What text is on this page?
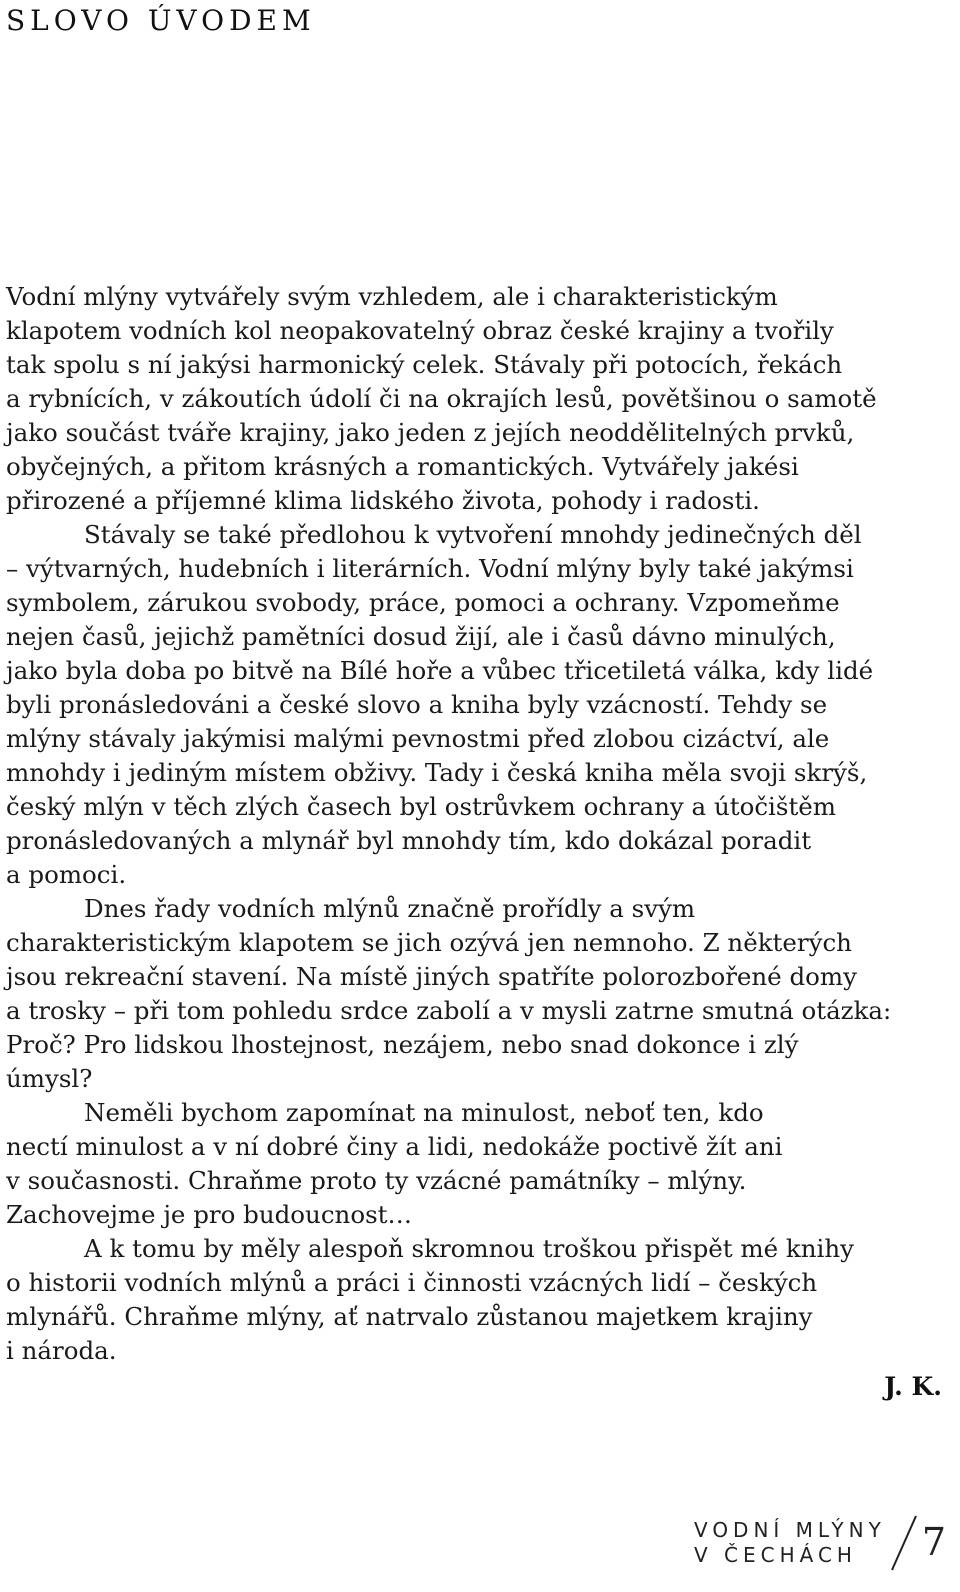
SLOVO ÚVODEM
Vodní mlýny vytvářely svým vzhledem, ale i charakteristickým
klapotem vodních kol neopakovatelný obraz české krajiny a tvořily
tak spolu s ní jakýsi harmonický celek. Stávaly při potocích, řekách
a rybnících, v zákoutích údolí či na okrajích lesů, povětšinou o samotě
jako součást tváře krajiny, jako jeden z jejích neoddělitelných prvků,
obyčejných, a přitom krásných a romantických. Vytvářely jakési
přirozené a příjemné klima lidského života, pohody i radosti.
Stávaly se také předlohou k vytvoření mnohdy jedinečných děl
– výtvarných, hudebních i literárních. Vodní mlýny byly také jakýmsi
symbolem, zárukou svobody, práce, pomoci a ochrany. Vzpomeňme
nejen časů, jejichž pamětníci dosud žijí, ale i časů dávno minulých,
jako byla doba po bitvě na Bílé hoře a vůbec třicetiletá válka, kdy lidé
byli pronásledováni a české slovo a kniha byly vzácností. Tehdy se
mlýny stávaly jakýmisi malými pevnostmi před zlobou cizáctví, ale
mnohdy i jediným místem obživy. Tady i česká kniha měla svoji skrýš,
český mlýn v těch zlých časech byl ostrůvkem ochrany a útočištěm
pronásledovaných a mlynář byl mnohdy tím, kdo dokázal poradit
a pomoci.
Dnes řady vodních mlýnů značně prořídly a svým
charakteristickým klapotem se jich ozývá jen nemnoho. Z některých
jsou rekreační stavení. Na místě jiných spatříte polorozbořené domy
a trosky – při tom pohledu srdce zabolí a v mysli zatrne smutná otázka:
Proč? Pro lidskou lhostejnost, nezájem, nebo snad dokonce i zlý
úmysl?
Neměli bychom zapomínat na minulost, neboť ten, kdo
nectí minulost a v ní dobré činy a lidi, nedokáže poctivě žít ani
v současnosti. Chraňme proto ty vzácné památníky – mlýny.
Zachovejme je pro budoucnost…
A k tomu by měly alespoň skromnou troškou přispět mé knihy
o historii vodních mlýnů a práci i činnosti vzácných lidí – českých
mlynářů. Chraňme mlýny, ať natrvalo zůstanou majetkem krajiny
i národa.
J. K.
VODNÍ MLÝNY
V ČECHÁCH	7
